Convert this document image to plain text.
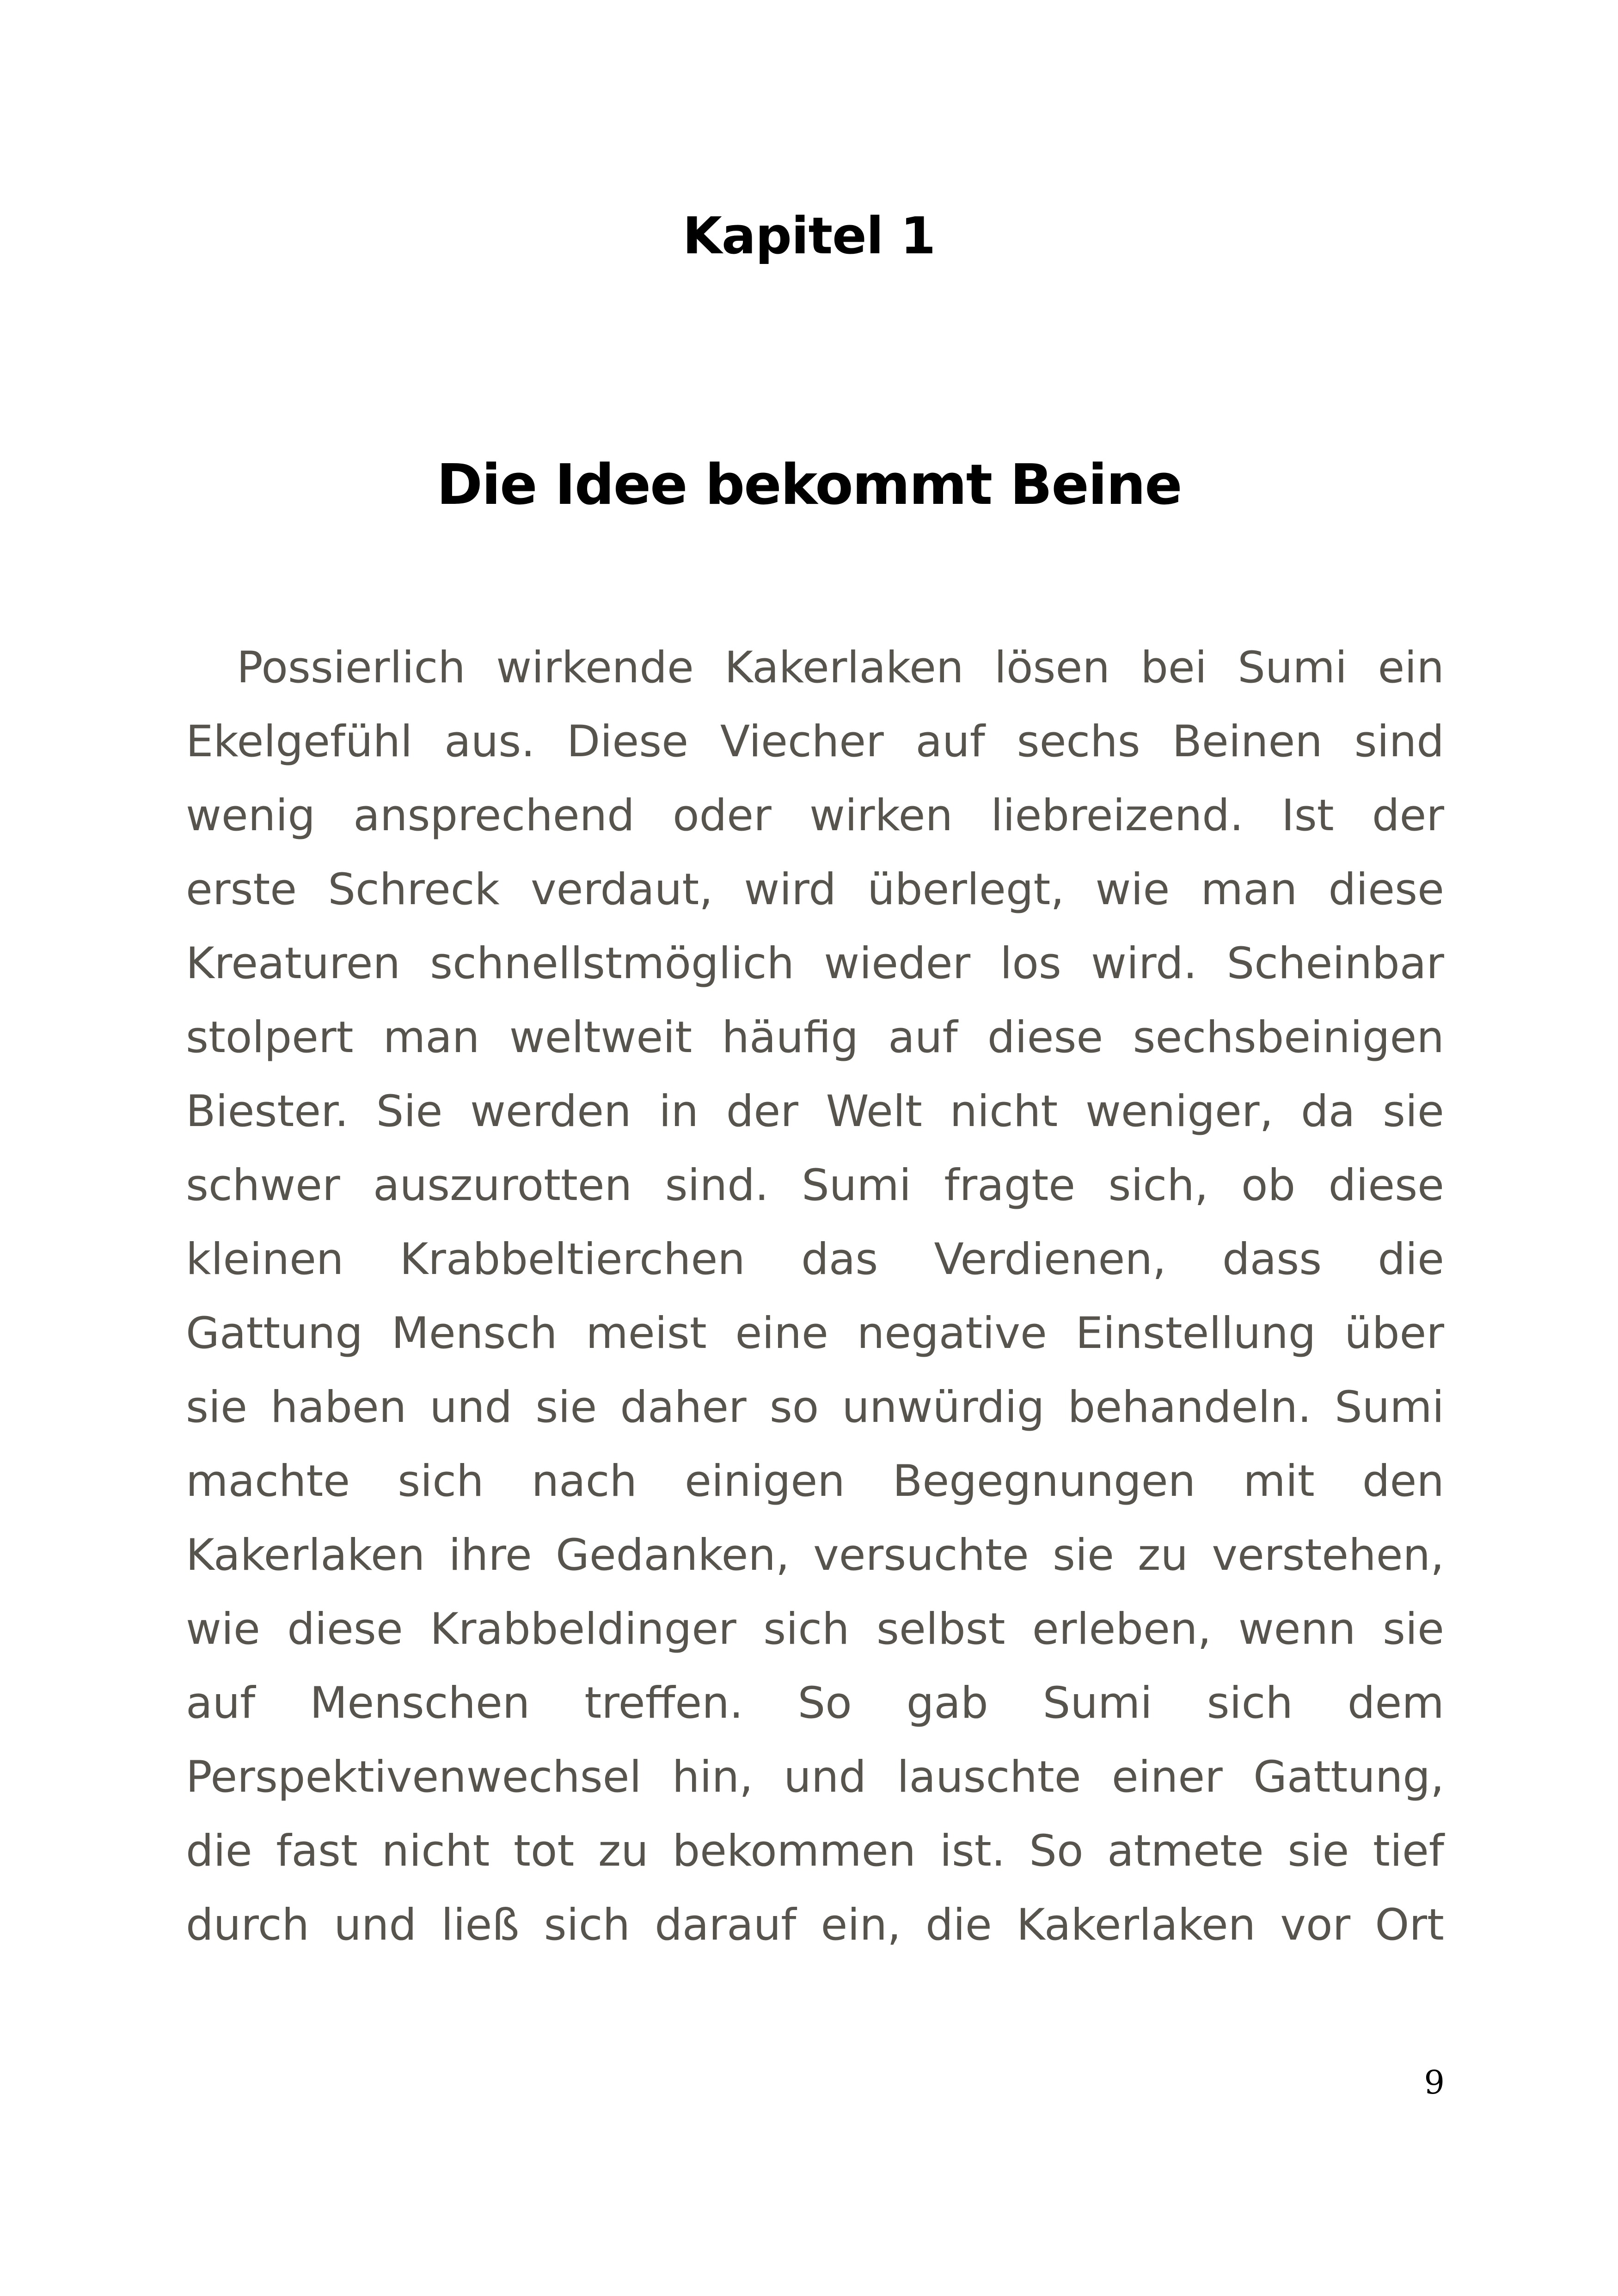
Kapitel 1
Die Idee bekommt Beine
Possierlich wirkende Kakerlaken lösen bei Sumi ein
Ekelgefühl aus. Diese Viecher auf sechs Beinen sind
wenig ansprechend oder wirken liebreizend. Ist der
erste Schreck verdaut, wird überlegt, wie man diese
Kreaturen schnellstmöglich wieder los wird. Scheinbar
stolpert man weltweit häufig auf diese sechsbeinigen
Biester. Sie werden in der Welt nicht weniger, da sie
schwer auszurotten sind. Sumi fragte sich, ob diese
kleinen Krabbeltierchen das Verdienen, dass die
Gattung Mensch meist eine negative Einstellung über
sie haben und sie daher so unwürdig behandeln. Sumi
machte sich nach einigen Begegnungen mit den
Kakerlaken ihre Gedanken, versuchte sie zu verstehen,
wie diese Krabbeldinger sich selbst erleben, wenn sie
auf Menschen treffen. So gab Sumi sich dem
Perspektivenwechsel hin, und lauschte einer Gattung,
die fast nicht tot zu bekommen ist. So atmete sie tief
durch und ließ sich darauf ein, die Kakerlaken vor Ort
9
